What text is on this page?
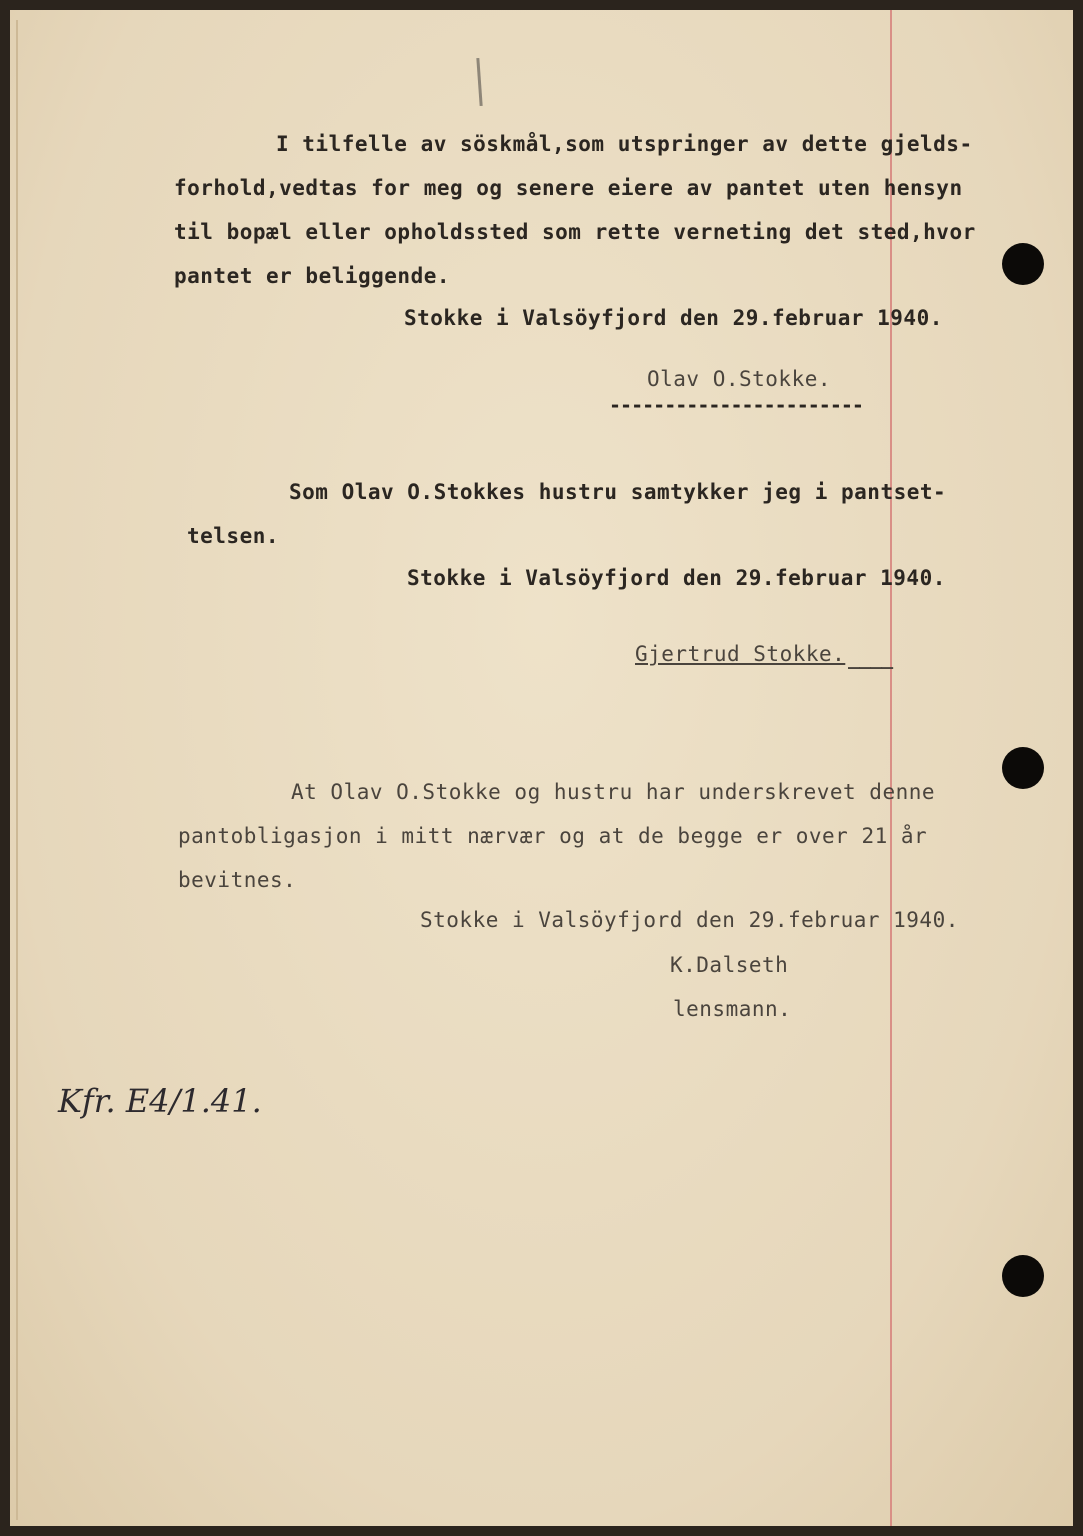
I tilfelle av söskmål,som utspringer av dette gjelds-
forhold,vedtas for meg og senere eiere av pantet uten hensyn
til bopæl eller opholdssted som rette verneting det sted,hvor
pantet er beliggende.
Stokke i Valsöyfjord den 29.februar 1940.
Olav O.Stokke.
-----------------------
Som Olav O.Stokkes hustru samtykker jeg i pantset-
telsen.
Stokke i Valsöyfjord den 29.februar 1940.
Gjertrud Stokke. ____
At Olav O.Stokke og hustru har underskrevet denne
pantobligasjon i mitt nærvær og at de begge er over 21 år
bevitnes.
Stokke i Valsöyfjord den 29.februar 1940.
K.Dalseth
lensmann.
Kfr. E4/1.41.
